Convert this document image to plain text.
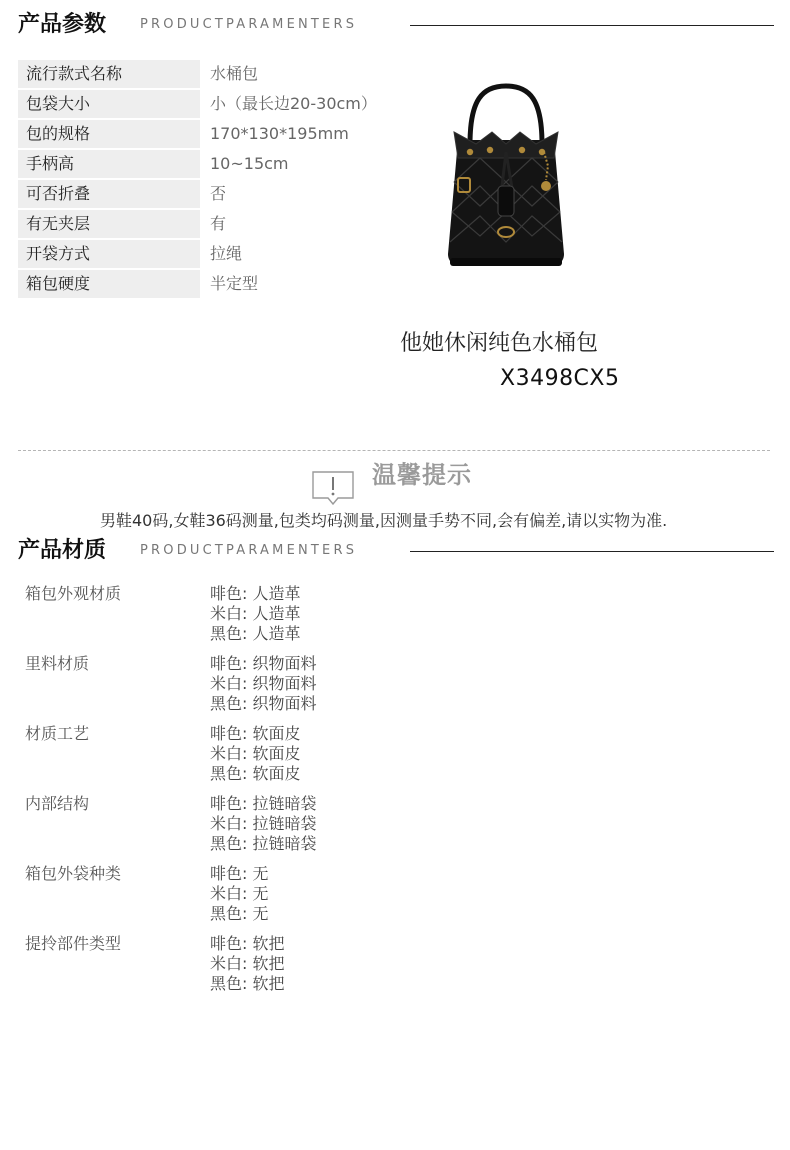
产品参数	PRODUCTPARAMENTERS
流行款式名称	水桶包
包袋大小	小（最长边20-30cm）
包的规格	170*130*195mm
手柄高	10~15cm
可否折叠	否
有无夹层	有
开袋方式	拉绳
箱包硬度	半定型
他她休闲纯色水桶包
X3498CX5
温馨提示
男鞋40码,女鞋36码测量,包类均码测量,因测量手势不同,会有偏差,请以实物为准.
产品材质	PRODUCTPARAMENTERS
箱包外观材质	啡色: 人造革
米白: 人造革
黑色: 人造革
里料材质	啡色: 织物面料
米白: 织物面料
黑色: 织物面料
材质工艺	啡色: 软面皮
米白: 软面皮
黑色: 软面皮
内部结构	啡色: 拉链暗袋
米白: 拉链暗袋
黑色: 拉链暗袋
箱包外袋种类	啡色: 无
米白: 无
黑色: 无
提拎部件类型	啡色: 软把
米白: 软把
黑色: 软把
